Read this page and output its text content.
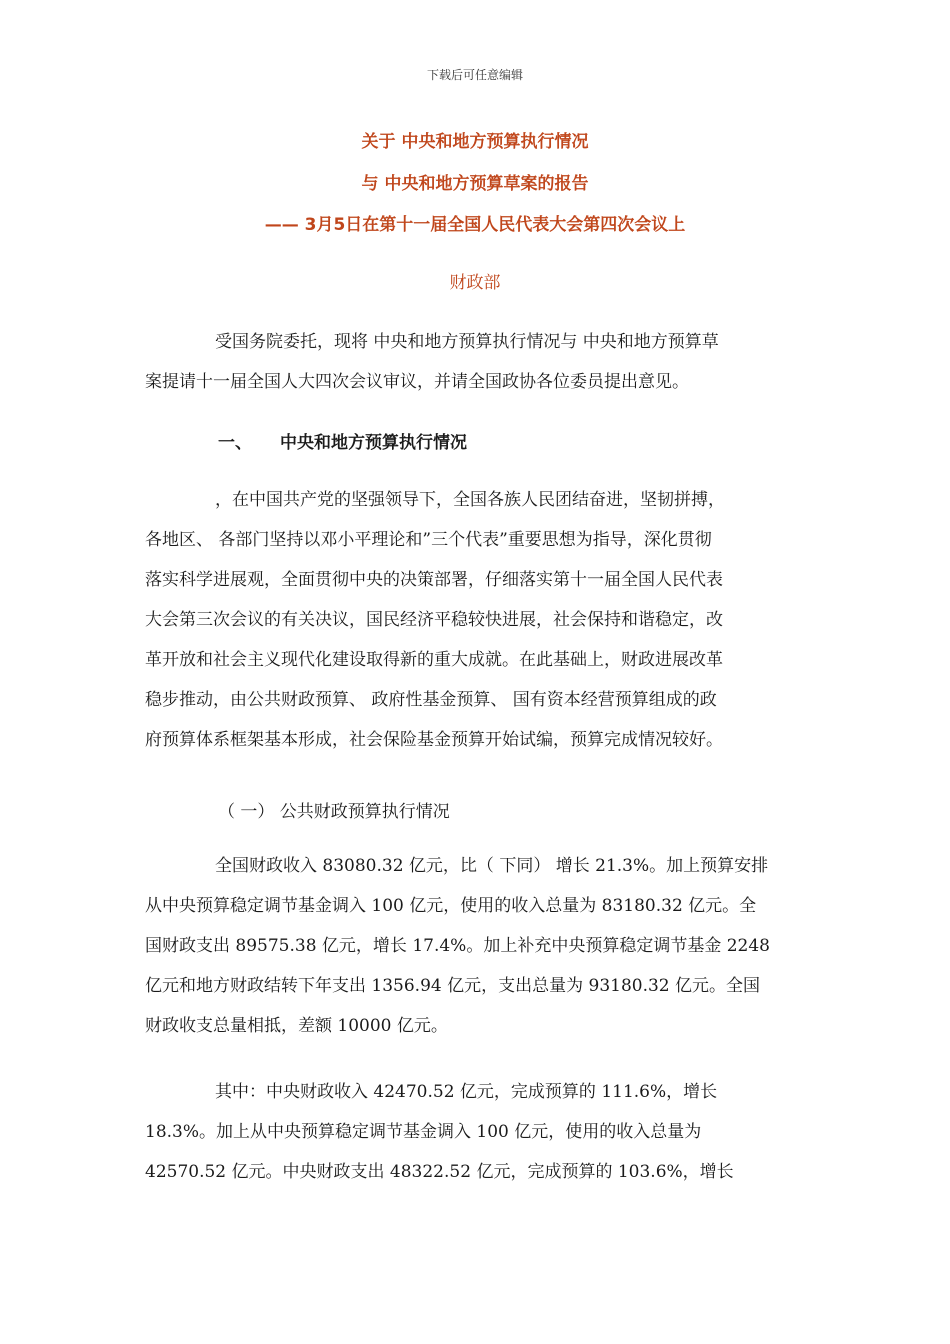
下载后可任意编辑
关于 中央和地方预算执行情况
与 中央和地方预算草案的报告
—— 3月5日在第十一届全国人民代表大会第四次会议上
财政部
受国务院委托，现将 中央和地方预算执行情况与 中央和地方预算草
案提请十一届全国人大四次会议审议，并请全国政协各位委员提出意见。
一、 中央和地方预算执行情况
，在中国共产党的坚强领导下，全国各族人民团结奋进，坚韧拼搏，
各地区、 各部门坚持以邓小平理论和”三个代表”重要思想为指导，深化贯彻
落实科学进展观，全面贯彻中央的决策部署，仔细落实第十一届全国人民代表
大会第三次会议的有关决议，国民经济平稳较快进展，社会保持和谐稳定，改
革开放和社会主义现代化建设取得新的重大成就。在此基础上，财政进展改革
稳步推动，由公共财政预算、 政府性基金预算、 国有资本经营预算组成的政
府预算体系框架基本形成，社会保险基金预算开始试编，预算完成情况较好。
（ 一） 公共财政预算执行情况
全国财政收入 83080.32 亿元，比（ 下同） 增长 21.3%。加上预算安排
从中央预算稳定调节基金调入 100 亿元，使用的收入总量为 83180.32 亿元。全
国财政支出 89575.38 亿元，增长 17.4%。加上补充中央预算稳定调节基金 2248
亿元和地方财政结转下年支出 1356.94 亿元，支出总量为 93180.32 亿元。全国
财政收支总量相抵，差额 10000 亿元。
其中：中央财政收入 42470.52 亿元，完成预算的 111.6%，增长
18.3%。加上从中央预算稳定调节基金调入 100 亿元，使用的收入总量为
42570.52 亿元。中央财政支出 48322.52 亿元，完成预算的 103.6%，增长
